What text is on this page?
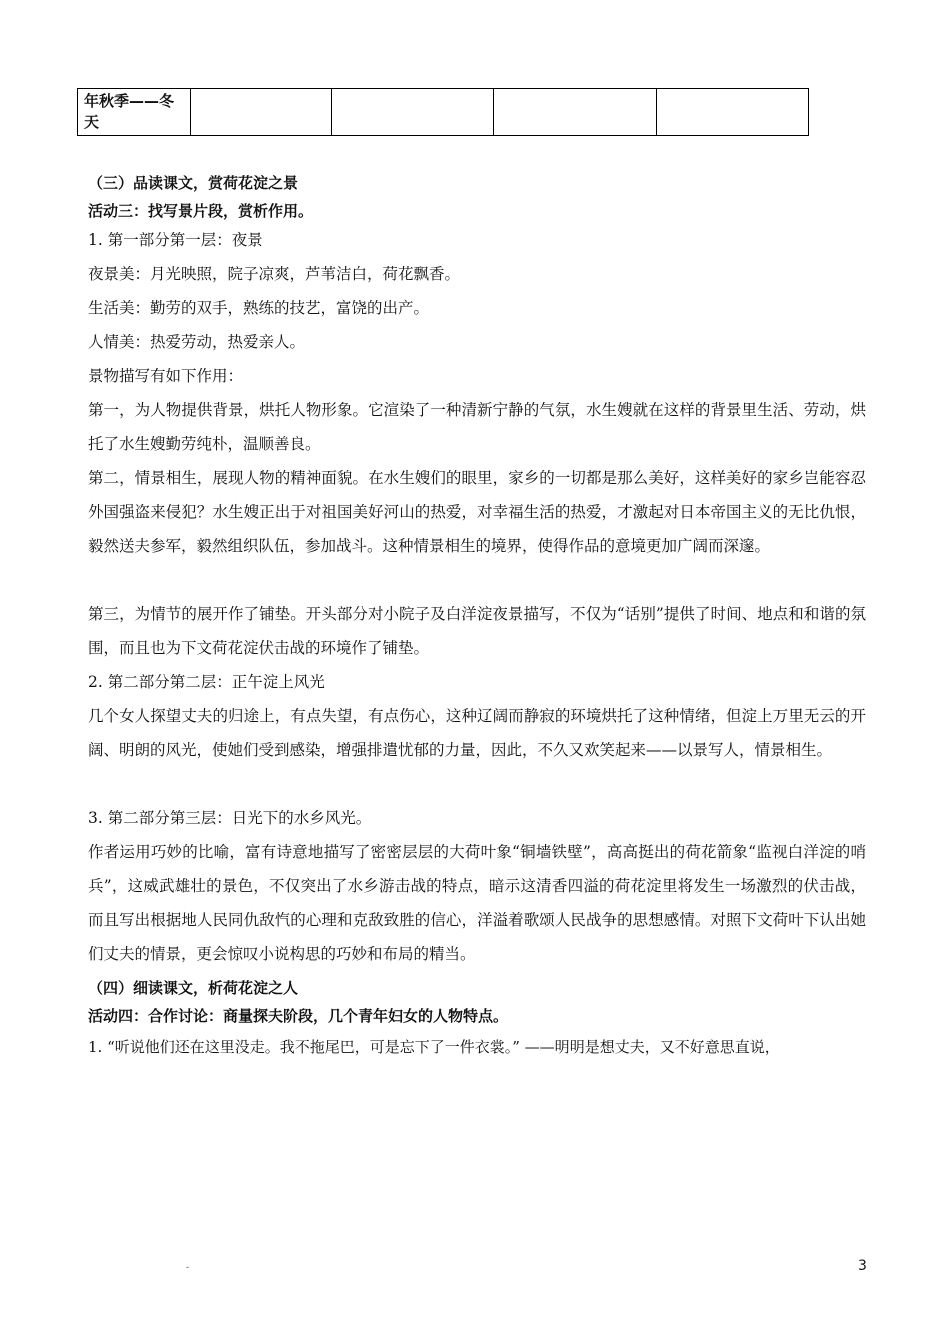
年秋季——冬天				
（三）品读课文，赏荷花淀之景
活动三：找写景片段，赏析作用。
1. 第一部分第一层：夜景
夜景美：月光映照，院子凉爽，芦苇洁白，荷花飘香。
生活美：勤劳的双手，熟练的技艺，富饶的出产。
人情美：热爱劳动，热爱亲人。
景物描写有如下作用：
第一，为人物提供背景，烘托人物形象。它渲染了一种清新宁静的气氛，水生嫂就在这样的背景里生活、劳动，烘托了水生嫂勤劳纯朴，温顺善良。
第二，情景相生，展现人物的精神面貌。在水生嫂们的眼里，家乡的一切都是那么美好，这样美好的家乡岂能容忍外国强盗来侵犯？水生嫂正出于对祖国美好河山的热爱，对幸福生活的热爱，才激起对日本帝国主义的无比仇恨，毅然送夫参军，毅然组织队伍，参加战斗。这种情景相生的境界，使得作品的意境更加广阔而深邃。
第三，为情节的展开作了铺垫。开头部分对小院子及白洋淀夜景描写，不仅为“话别”提供了时间、地点和和谐的氛围，而且也为下文荷花淀伏击战的环境作了铺垫。
2. 第二部分第二层：正午淀上风光
几个女人探望丈夫的归途上，有点失望，有点伤心，这种辽阔而静寂的环境烘托了这种情绪，但淀上万里无云的开阔、明朗的风光，使她们受到感染，增强排遣忧郁的力量，因此，不久又欢笑起来——以景写人，情景相生。
3. 第二部分第三层：日光下的水乡风光。
作者运用巧妙的比喻，富有诗意地描写了密密层层的大荷叶象“铜墙铁壁”，高高挺出的荷花箭象“监视白洋淀的哨兵”，这威武雄壮的景色，不仅突出了水乡游击战的特点，暗示这清香四溢的荷花淀里将发生一场激烈的伏击战，而且写出根据地人民同仇敌忾的心理和克敌致胜的信心，洋溢着歌颂人民战争的思想感情。对照下文荷叶下认出她们丈夫的情景，更会惊叹小说构思的巧妙和布局的精当。
（四）细读课文，析荷花淀之人
活动四：合作讨论：商量探夫阶段，几个青年妇女的人物特点。
1. “听说他们还在这里没走。我不拖尾巴，可是忘下了一件衣裳。” ——明明是想丈夫，又不好意思直说，
-	3
